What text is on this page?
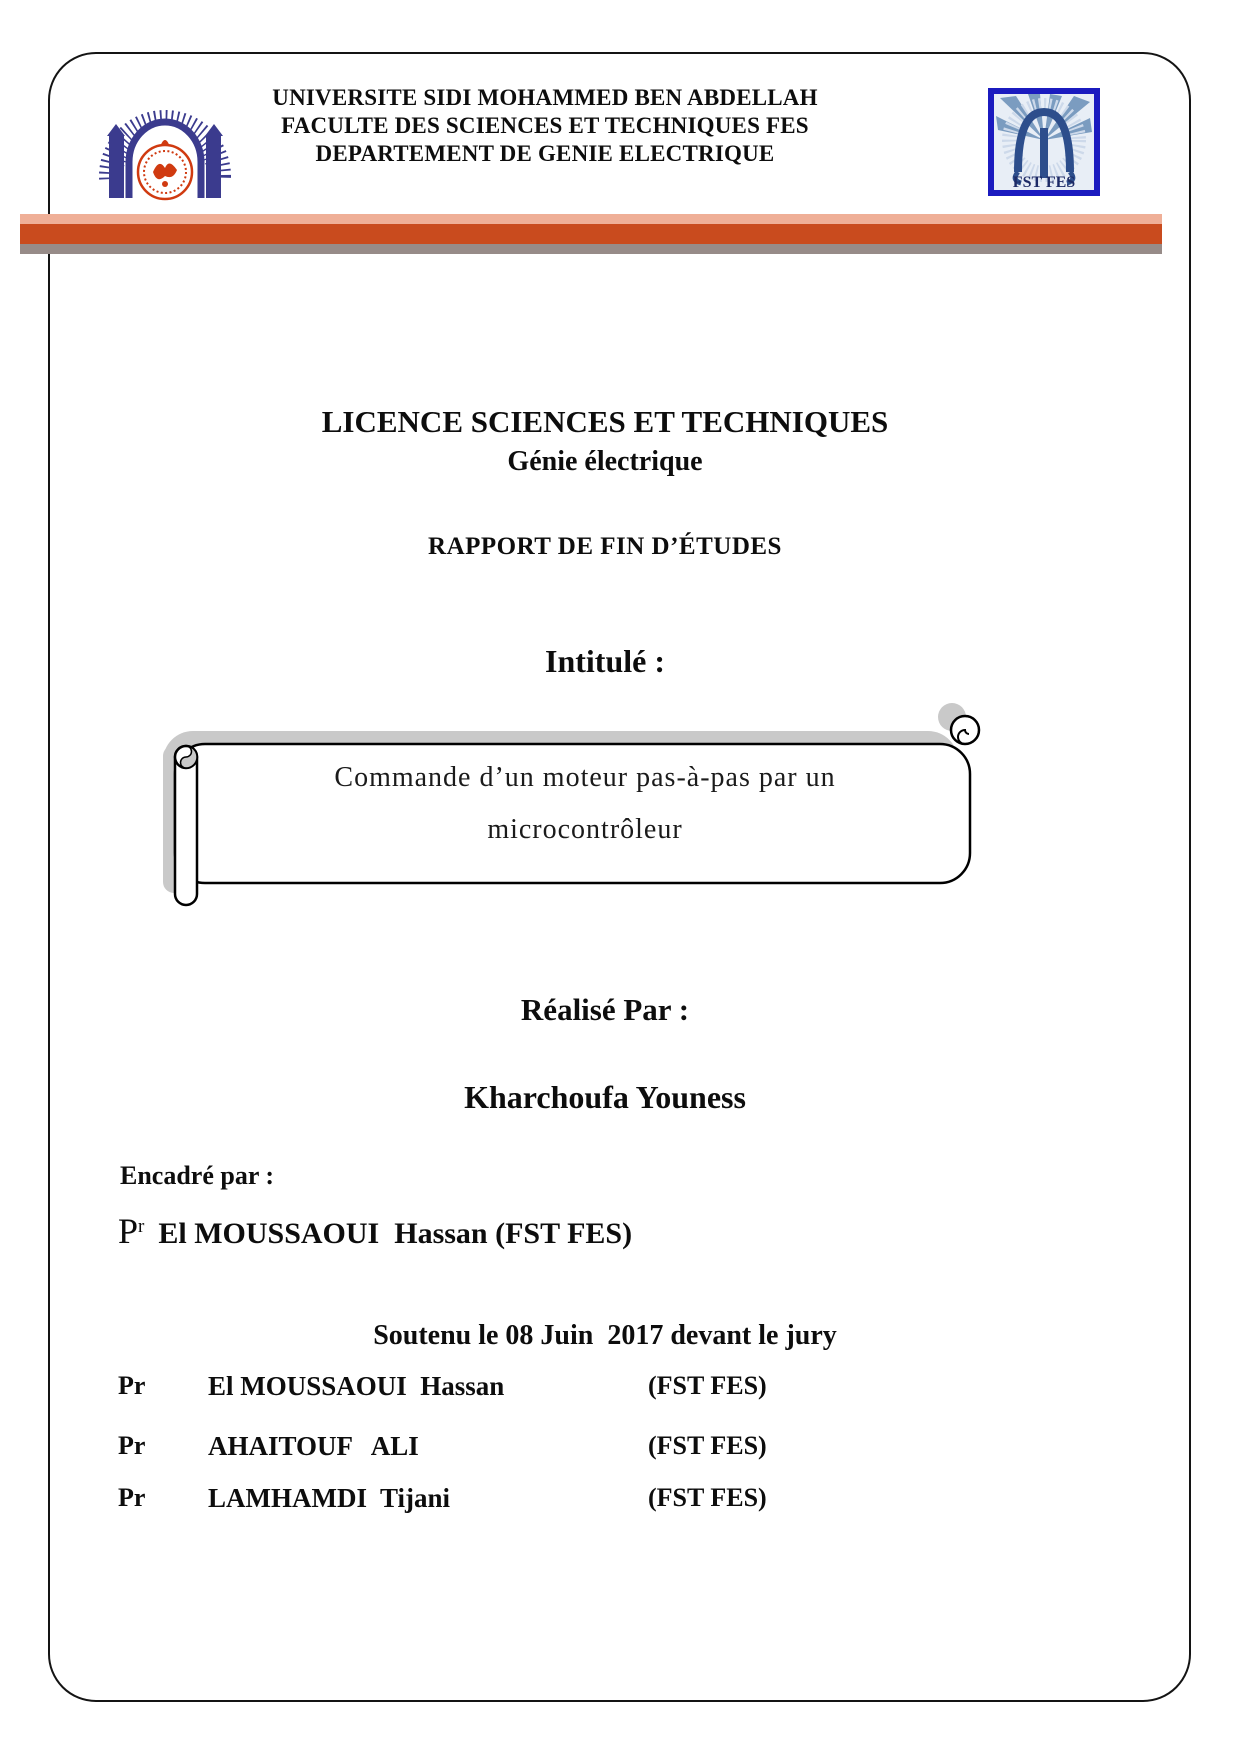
UNIVERSITE SIDI MOHAMMED BEN ABDELLAH
FACULTE DES SCIENCES ET TECHNIQUES FES
DEPARTEMENT DE GENIE ELECTRIQUE
FST FES
LICENCE SCIENCES ET TECHNIQUES
Génie électrique
RAPPORT DE FIN D’ÉTUDES
Intitulé :
Commande d’un moteur pas-à-pas par un
microcontrôleur
Réalisé Par :
Kharchoufa Youness
Encadré par :
$P^r$ El MOUSSAOUI  Hassan (FST FES)
Soutenu le 08 Juin  2017 devant le jury
Pr El MOUSSAOUI  Hassan	(FST FES)
Pr AHAITOUF   ALI	(FST FES)
Pr LAMHAMDI  Tijani	(FST FES)
